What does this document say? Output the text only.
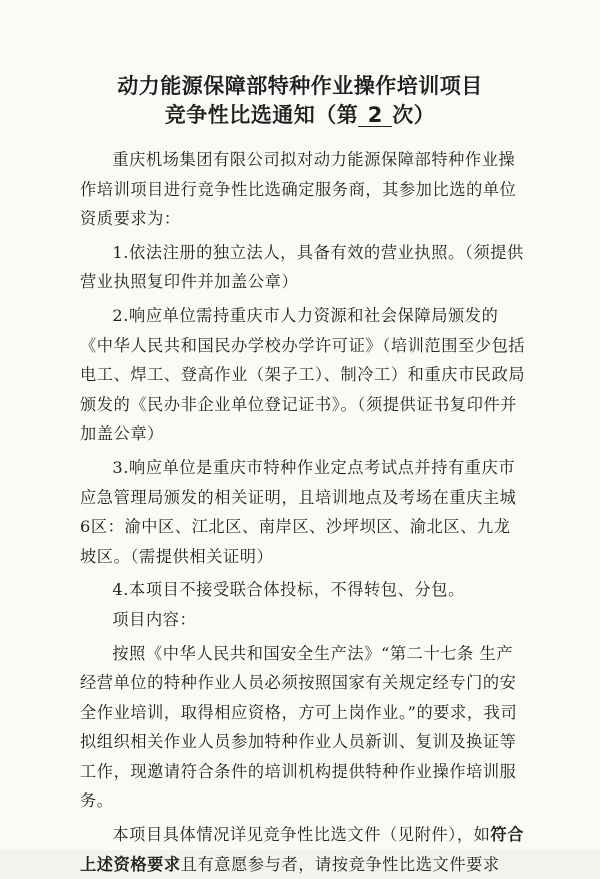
动力能源保障部特种作业操作培训项目
竞争性比选通知（第 2 次）

重庆机场集团有限公司拟对动力能源保障部特种作业操作培训项目进行竞争性比选确定服务商，其参加比选的单位资质要求为：

1.依法注册的独立法人，具备有效的营业执照。（须提供营业执照复印件并加盖公章）

2.响应单位需持重庆市人力资源和社会保障局颁发的《中华人民共和国民办学校办学许可证》（培训范围至少包括电工、焊工、登高作业（架子工）、制冷工）和重庆市民政局颁发的《民办非企业单位登记证书》。（须提供证书复印件并加盖公章）

3.响应单位是重庆市特种作业定点考试点并持有重庆市应急管理局颁发的相关证明，且培训地点及考场在重庆主城6区：渝中区、江北区、南岸区、沙坪坝区、渝北区、九龙坡区。（需提供相关证明）

4.本项目不接受联合体投标，不得转包、分包。

项目内容：

按照《中华人民共和国安全生产法》“第二十七条 生产经营单位的特种作业人员必须按照国家有关规定经专门的安全作业培训，取得相应资格，方可上岗作业。”的要求，我司拟组织相关作业人员参加特种作业人员新训、复训及换证等工作，现邀请符合条件的培训机构提供特种作业操作培训服务。

本项目具体情况详见竞争性比选文件（见附件），如符合上述资格要求且有意愿参与者，请按竞争性比选文件要求
